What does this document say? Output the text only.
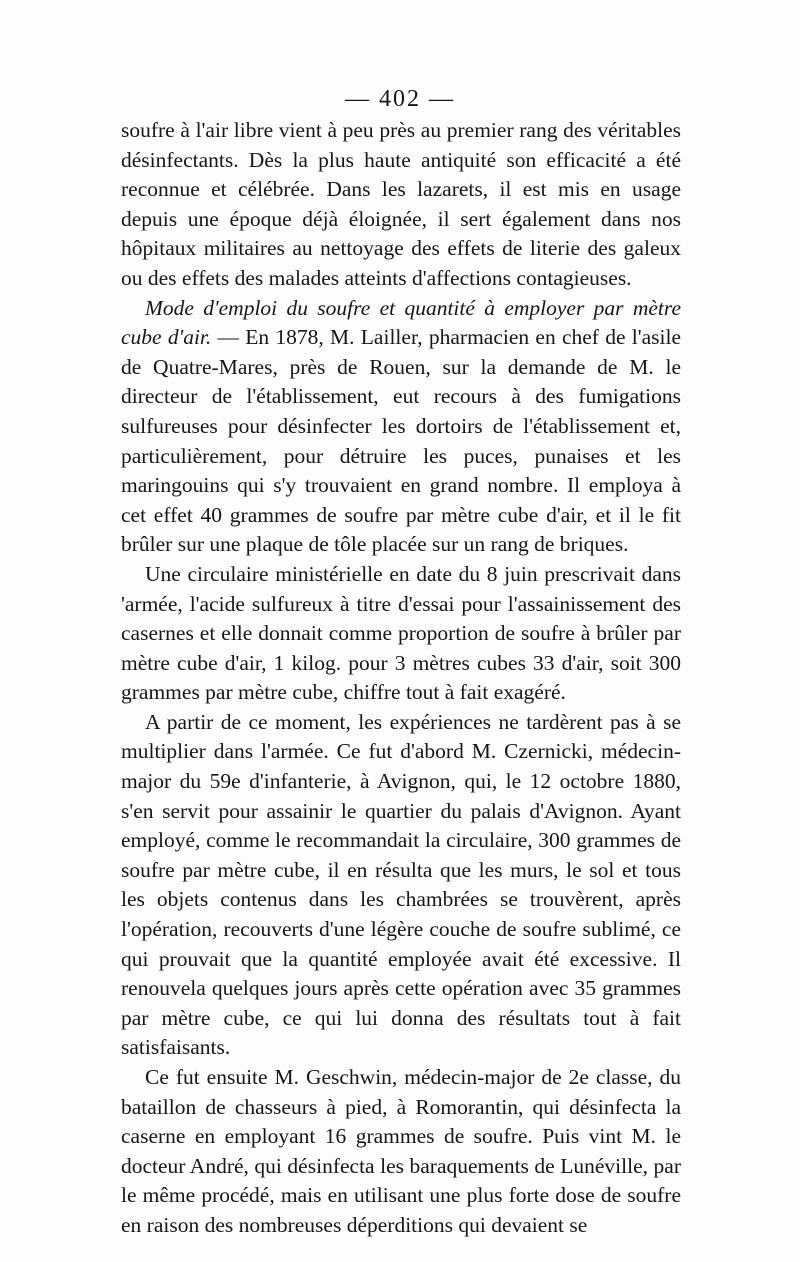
— 402 —

soufre à l'air libre vient à peu près au premier rang des véritables désinfectants. Dès la plus haute antiquité son efficacité a été reconnue et célébrée. Dans les lazarets, il est mis en usage depuis une époque déjà éloignée, il sert également dans nos hôpitaux militaires au nettoyage des effets de literie des galeux ou des effets des malades atteints d'affections contagieuses.

Mode d'emploi du soufre et quantité à employer par mètre cube d'air. — En 1878, M. Lailler, pharmacien en chef de l'asile de Quatre-Mares, près de Rouen, sur la demande de M. le directeur de l'établissement, eut recours à des fumigations sulfureuses pour désinfecter les dortoirs de l'établissement et, particulièrement, pour détruire les puces, punaises et les maringouins qui s'y trouvaient en grand nombre. Il employa à cet effet 40 grammes de soufre par mètre cube d'air, et il le fit brûler sur une plaque de tôle placée sur un rang de briques.

Une circulaire ministérielle en date du 8 juin prescrivait dans 'armée, l'acide sulfureux à titre d'essai pour l'assainissement des casernes et elle donnait comme proportion de soufre à brûler par mètre cube d'air, 1 kilog. pour 3 mètres cubes 33 d'air, soit 300 grammes par mètre cube, chiffre tout à fait exagéré.

A partir de ce moment, les expériences ne tardèrent pas à se multiplier dans l'armée. Ce fut d'abord M. Czernicki, médecin-major du 59e d'infanterie, à Avignon, qui, le 12 octobre 1880, s'en servit pour assainir le quartier du palais d'Avignon. Ayant employé, comme le recommandait la circulaire, 300 grammes de soufre par mètre cube, il en résulta que les murs, le sol et tous les objets contenus dans les chambrées se trouvèrent, après l'opération, recouverts d'une légère couche de soufre sublimé, ce qui prouvait que la quantité employée avait été excessive. Il renouvela quelques jours après cette opération avec 35 grammes par mètre cube, ce qui lui donna des résultats tout à fait satisfaisants.

Ce fut ensuite M. Geschwin, médecin-major de 2e classe, du bataillon de chasseurs à pied, à Romorantin, qui désinfecta la caserne en employant 16 grammes de soufre. Puis vint M. le docteur André, qui désinfecta les baraquements de Lunéville, par le même procédé, mais en utilisant une plus forte dose de soufre en raison des nombreuses déperditions qui devaient se
